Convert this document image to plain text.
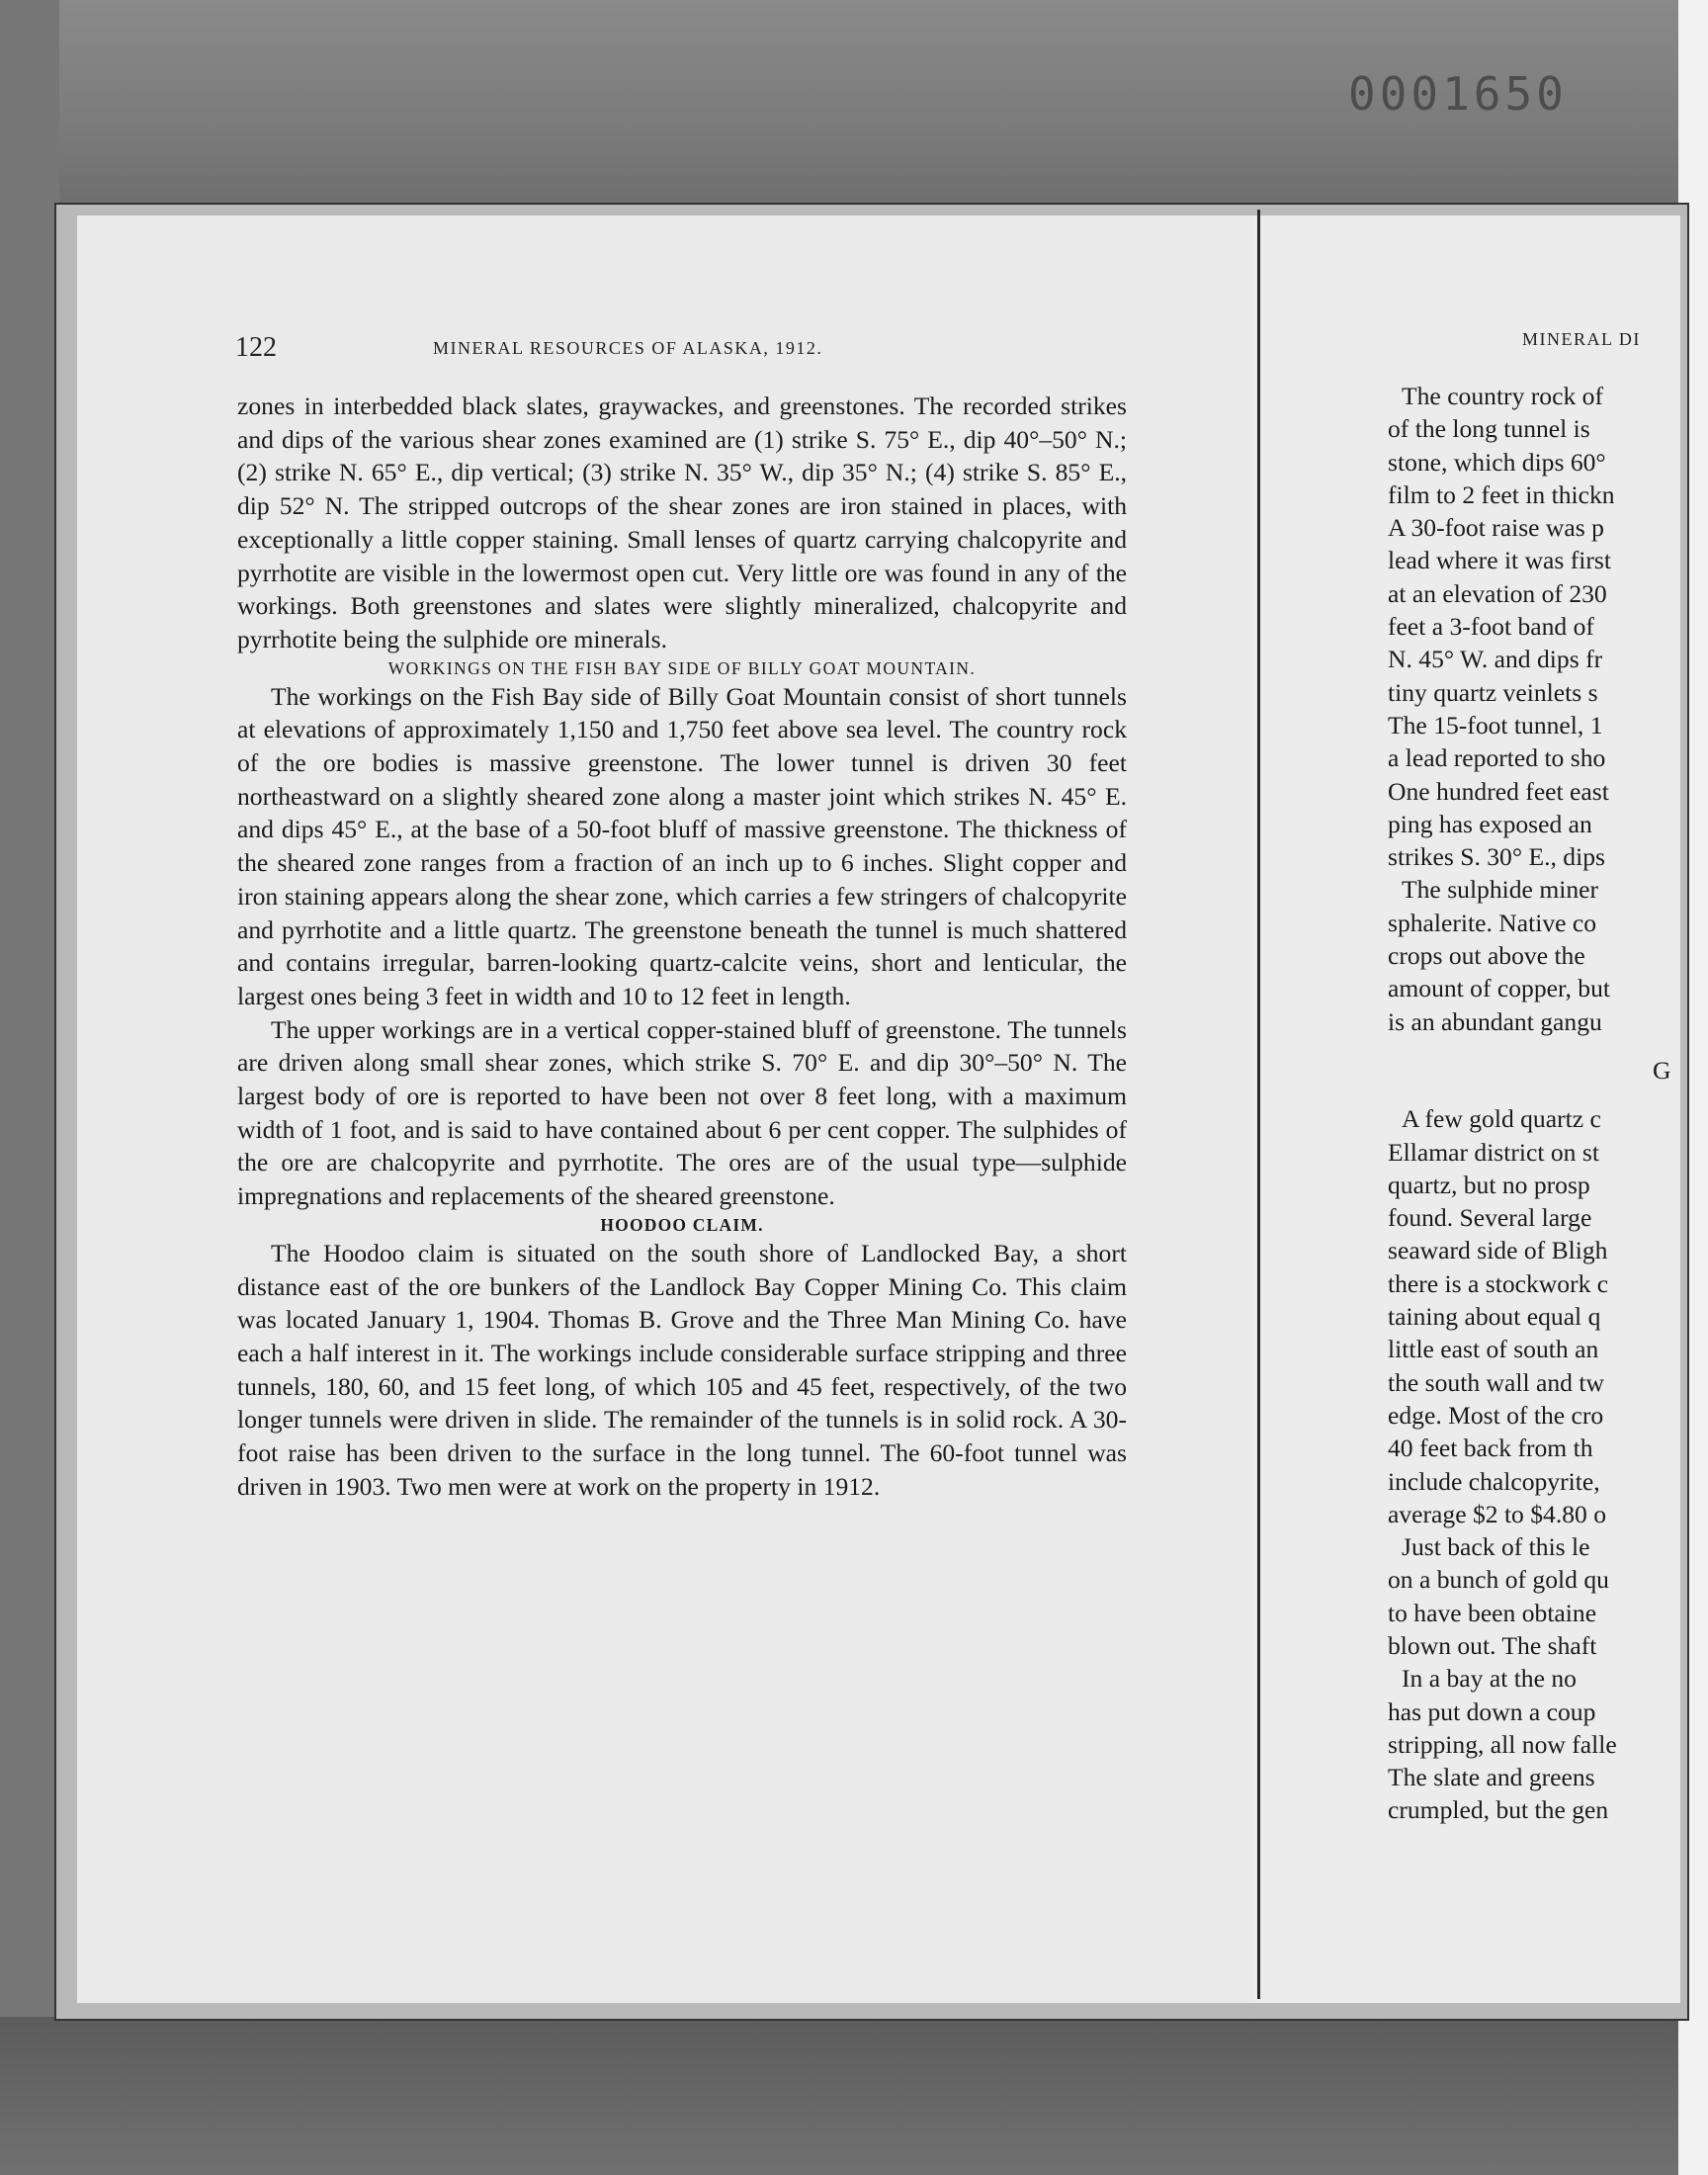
0001650
122	MINERAL RESOURCES OF ALASKA, 1912.

zones in interbedded black slates, graywackes, and greenstones. The recorded strikes and dips of the various shear zones examined are (1) strike S. 75° E., dip 40°–50° N.; (2) strike N. 65° E., dip vertical; (3) strike N. 35° W., dip 35° N.; (4) strike S. 85° E., dip 52° N. The stripped outcrops of the shear zones are iron stained in places, with exceptionally a little copper staining. Small lenses of quartz carrying chalcopyrite and pyrrhotite are visible in the lowermost open cut. Very little ore was found in any of the workings. Both greenstones and slates were slightly mineralized, chalcopyrite and pyrrhotite being the sulphide ore minerals.

WORKINGS ON THE FISH BAY SIDE OF BILLY GOAT MOUNTAIN.

The workings on the Fish Bay side of Billy Goat Mountain consist of short tunnels at elevations of approximately 1,150 and 1,750 feet above sea level. The country rock of the ore bodies is massive greenstone. The lower tunnel is driven 30 feet northeastward on a slightly sheared zone along a master joint which strikes N. 45° E. and dips 45° E., at the base of a 50-foot bluff of massive greenstone. The thickness of the sheared zone ranges from a fraction of an inch up to 6 inches. Slight copper and iron staining appears along the shear zone, which carries a few stringers of chalcopyrite and pyrrhotite and a little quartz. The greenstone beneath the tunnel is much shattered and contains irregular, barren-looking quartz-calcite veins, short and lenticular, the largest ones being 3 feet in width and 10 to 12 feet in length.

The upper workings are in a vertical copper-stained bluff of greenstone. The tunnels are driven along small shear zones, which strike S. 70° E. and dip 30°–50° N. The largest body of ore is reported to have been not over 8 feet long, with a maximum width of 1 foot, and is said to have contained about 6 per cent copper. The sulphides of the ore are chalcopyrite and pyrrhotite. The ores are of the usual type—sulphide impregnations and replacements of the sheared greenstone.

HOODOO CLAIM.

The Hoodoo claim is situated on the south shore of Landlocked Bay, a short distance east of the ore bunkers of the Landlock Bay Copper Mining Co. This claim was located January 1, 1904. Thomas B. Grove and the Three Man Mining Co. have each a half interest in it. The workings include considerable surface stripping and three tunnels, 180, 60, and 15 feet long, of which 105 and 45 feet, respectively, of the two longer tunnels were driven in slide. The remainder of the tunnels is in solid rock. A 30-foot raise has been driven to the surface in the long tunnel. The 60-foot tunnel was driven in 1903. Two men were at work on the property in 1912.

MINERAL DI
The country rock of
of the long tunnel is
stone, which dips 60°
film to 2 feet in thickn
A 30-foot raise was p
lead where it was first
at an elevation of 230
feet a 3-foot band of
N. 45° W. and dips fr
tiny quartz veinlets s
The 15-foot tunnel, 1
a lead reported to sho
One hundred feet east
ping has exposed an
strikes S. 30° E., dips
The sulphide miner
sphalerite. Native co
crops out above the
amount of copper, but
is an abundant gangu
G
A few gold quartz c
Ellamar district on st
quartz, but no prosp
found. Several large
seaward side of Bligh
there is a stockwork c
taining about equal q
little east of south an
the south wall and tw
edge. Most of the cro
40 feet back from th
include chalcopyrite,
average $2 to $4.80 o
Just back of this le
on a bunch of gold qu
to have been obtaine
blown out. The shaft
In a bay at the no
has put down a coup
stripping, all now falle
The slate and greens
crumpled, but the gen
